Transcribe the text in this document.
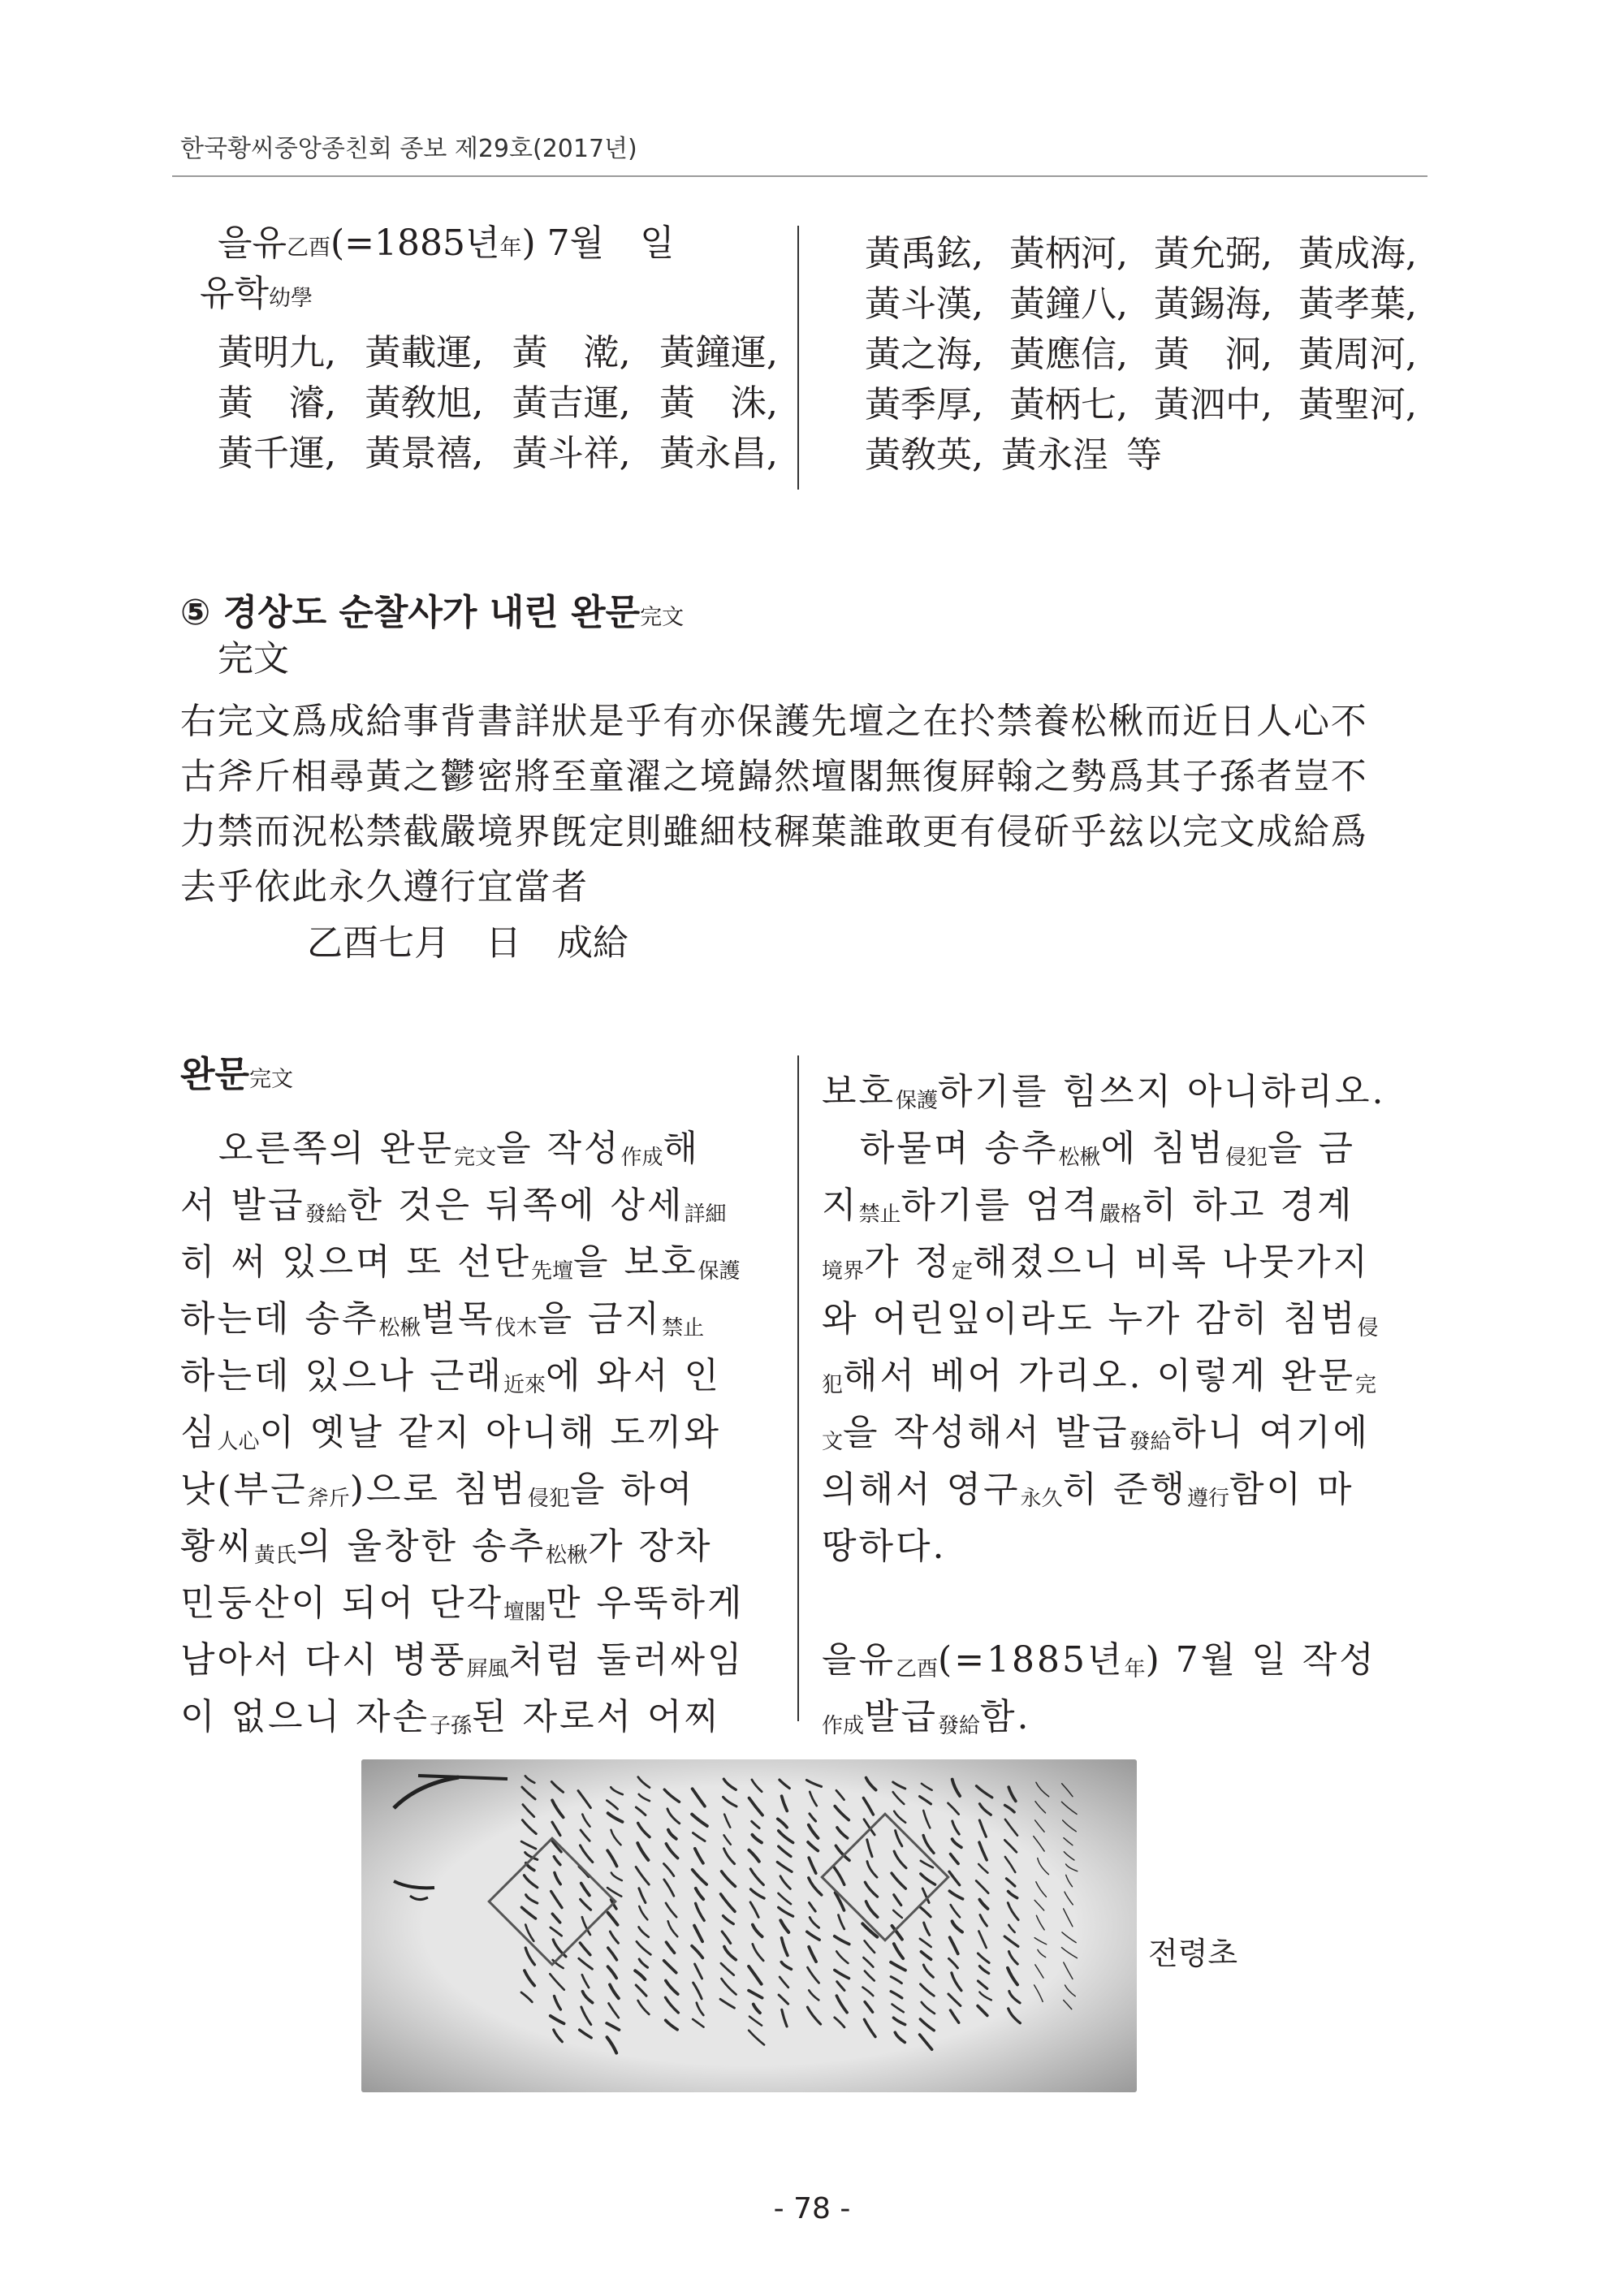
한국황씨중앙종친회 종보 제29호(2017년)
을유乙酉(=1885년年) 7월　일
유학幼學
黃明九, 黃載運, 黃　漧, 黃鐘運,
黃　濬, 黃敎旭, 黃吉運, 黃　洙,
黃千運, 黃景禧, 黃斗祥, 黃永昌,
黃禹鉉, 黃柄河, 黃允弼, 黃成海,
黃斗漢, 黃鐘八, 黃錫海, 黃孝葉,
黃之海, 黃應信, 黃　泂, 黃周河,
黃季厚, 黃柄七, 黃泗中, 黃聖河,
黃敎英, 黃永浧 等
⑤ 경상도 순찰사가 내린 완문完文
完文
右完文爲成給事背書詳狀是乎有亦保護先壇之在扵禁養松楸而近日人心不
古斧斤相尋黃之鬱密將至童濯之境巋然壇閣無復屛翰之勢爲其子孫者豈不
力禁而況松禁截嚴境界旣定則雖細枝穉葉誰敢更有侵斫乎玆以完文成給爲
去乎依此永久遵行宜當者
乙酉七月　日　成給
완문完文
　오른쪽의 완문 完文 을 작성 作成 해
서 발급 發給 한 것은 뒤쪽에 상세 詳細
히 써 있으며 또 선단 先壇 을 보호 保護
하는데 송추 松楸 벌목 伐木 을 금지 禁止
하는데 있으나 근래 近來 에 와서 인
심 人心 이 옛날 같지 아니해 도끼와
낫(부근 斧斤 )으로 침범 侵犯 을 하여
황씨 黃氏 의 울창한 송추 松楸 가 장차
민둥산이 되어 단각 壇閣 만 우뚝하게
남아서 다시 병풍 屛風 처럼 둘러싸임
이 없으니 자손 子孫 된 자로서 어찌
보호 保護 하기를 힘쓰지 아니하리오.
　하물며 송추 松楸 에 침범 侵犯 을 금
지 禁止 하기를 엄격 嚴格 히 하고 경계
境界 가 정 定 해졌으니 비록 나뭇가지
와 어린잎이라도 누가 감히 침범 侵
犯 해서 베어 가리오. 이렇게 완문 完
文 을 작성해서 발급 發給 하니 여기에
의해서 영구 永久 히 준행 遵行 함이 마
땅하다.
을유 乙酉 (=1885년 年 ) 7월 일 작성
作成 발급 發給 함.
전령초
- 78 -
